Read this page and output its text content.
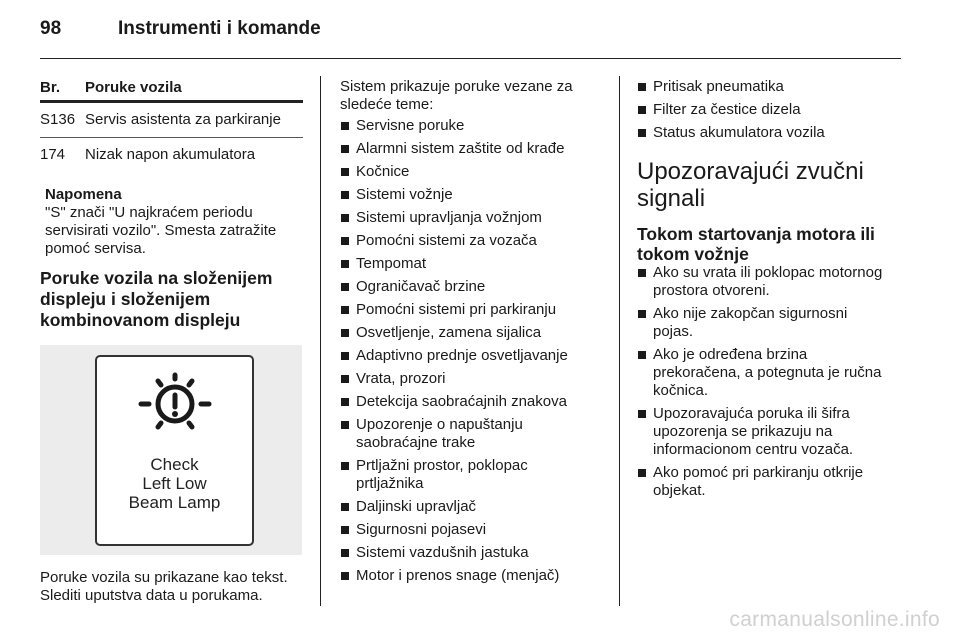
98	Instrumenti i komande
Br.	Poruke vozila
S136 Servis asistenta za parkiranje
174	Nizak napon akumulatora
Napomena
"S" znači "U najkraćem periodu
servisirati vozilo". Smesta zatražite
pomoć servisa.
Poruke vozila na složenijem
displeju i složenijem
kombinovanom displeju
Check
Left Low
Beam Lamp
Poruke vozila su prikazane kao tekst.
Slediti uputstva data u porukama.
Sistem prikazuje poruke vezane za
sledeće teme:
Servisne poruke
Alarmni sistem zaštite od krađe
Kočnice
Sistemi vožnje
Sistemi upravljanja vožnjom
Pomoćni sistemi za vozača
Tempomat
Ograničavač brzine
Pomoćni sistemi pri parkiranju
Osvetljenje, zamena sijalica
Adaptivno prednje osvetljavanje
Vrata, prozori
Detekcija saobraćajnih znakova
Upozorenje o napuštanju
saobraćajne trake
Prtljažni prostor, poklopac
prtljažnika
Daljinski upravljač
Sigurnosni pojasevi
Sistemi vazdušnih jastuka
Motor i prenos snage (menjač)
Pritisak pneumatika
Filter za čestice dizela
Status akumulatora vozila
Upozoravajući zvučni
signali
Tokom startovanja motora ili
tokom vožnje
Ako su vrata ili poklopac motornog
prostora otvoreni.
Ako nije zakopčan sigurnosni
pojas.
Ako je određena brzina
prekoračena, a potegnuta je ručna
kočnica.
Upozoravajuća poruka ili šifra
upozorenja se prikazuju na
informacionom centru vozača.
Ako pomoć pri parkiranju otkrije
objekat.
carmanualsonline.info
